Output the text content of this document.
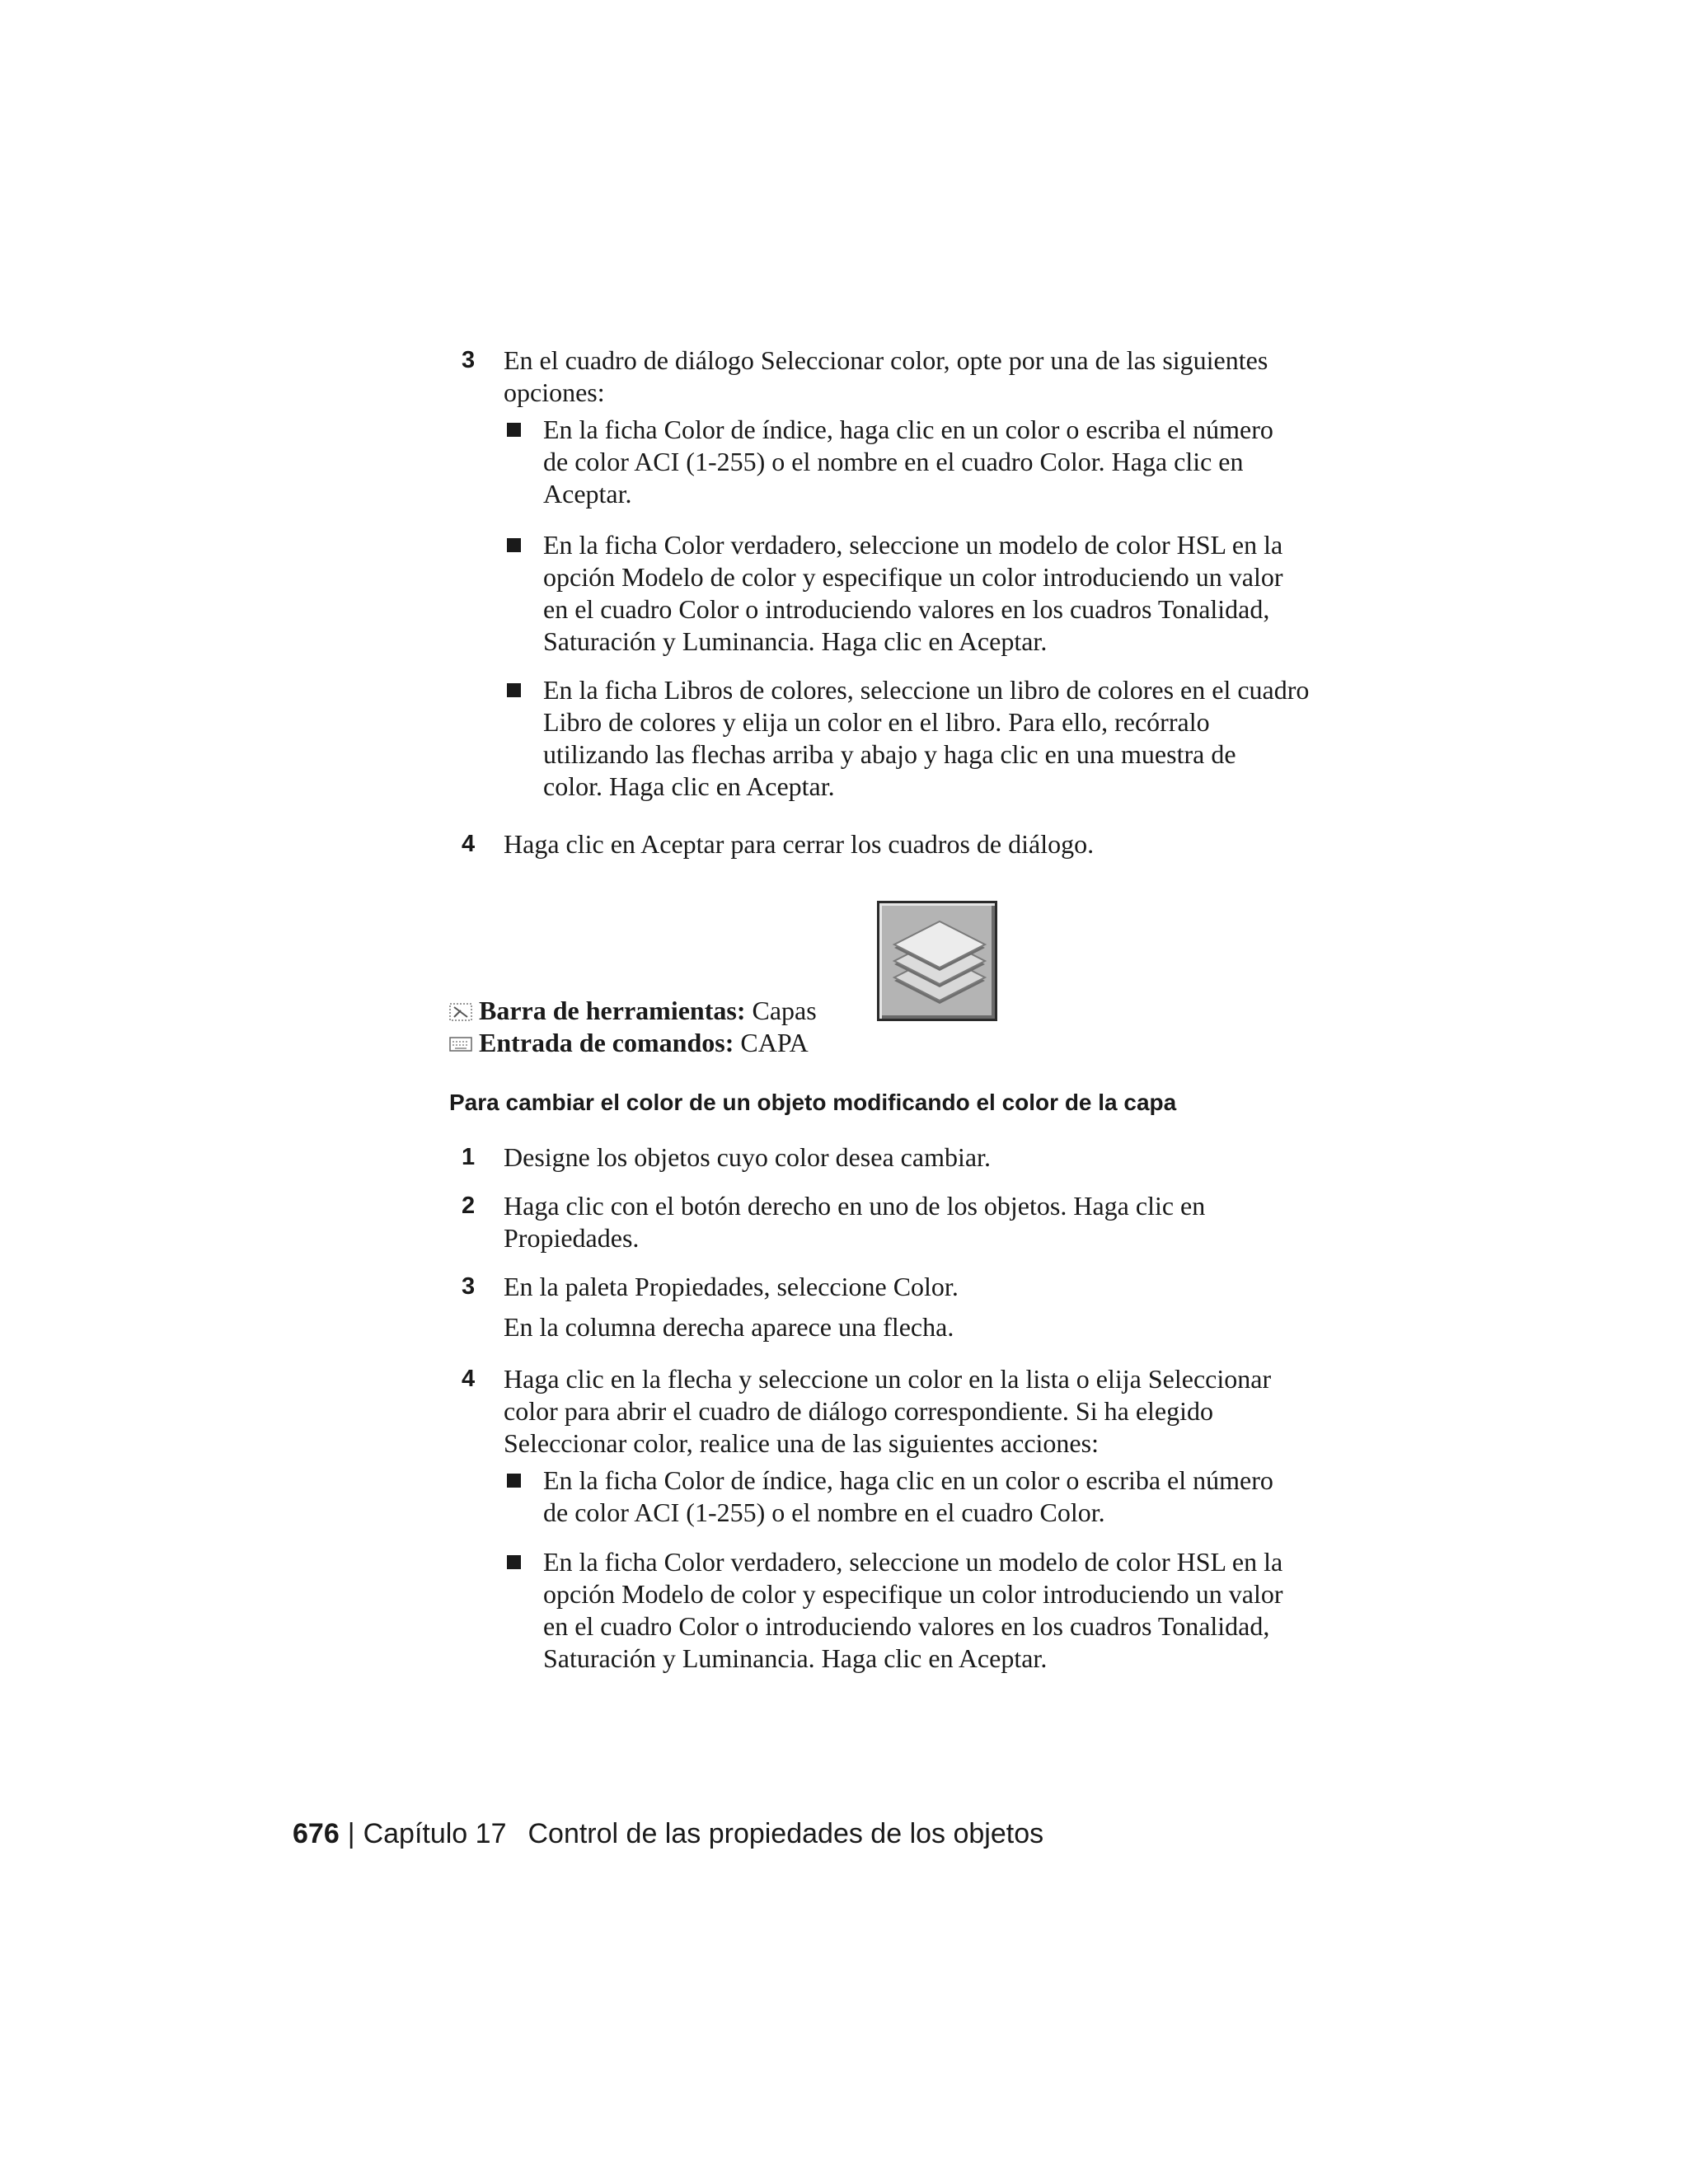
3 En el cuadro de diálogo Seleccionar color, opte por una de las siguientes
opciones:
En la ficha Color de índice, haga clic en un color o escriba el número
de color ACI (1-255) o el nombre en el cuadro Color. Haga clic en
Aceptar.
En la ficha Color verdadero, seleccione un modelo de color HSL en la
opción Modelo de color y especifique un color introduciendo un valor
en el cuadro Color o introduciendo valores en los cuadros Tonalidad,
Saturación y Luminancia. Haga clic en Aceptar.
En la ficha Libros de colores, seleccione un libro de colores en el cuadro
Libro de colores y elija un color en el libro. Para ello, recórralo
utilizando las flechas arriba y abajo y haga clic en una muestra de
color. Haga clic en Aceptar.
4 Haga clic en Aceptar para cerrar los cuadros de diálogo.
Barra de herramientas: Capas
Entrada de comandos: CAPA
Para cambiar el color de un objeto modificando el color de la capa
1 Designe los objetos cuyo color desea cambiar.
2 Haga clic con el botón derecho en uno de los objetos. Haga clic en
Propiedades.
3 En la paleta Propiedades, seleccione Color.
En la columna derecha aparece una flecha.
4 Haga clic en la flecha y seleccione un color en la lista o elija Seleccionar
color para abrir el cuadro de diálogo correspondiente. Si ha elegido
Seleccionar color, realice una de las siguientes acciones:
En la ficha Color de índice, haga clic en un color o escriba el número
de color ACI (1-255) o el nombre en el cuadro Color.
En la ficha Color verdadero, seleccione un modelo de color HSL en la
opción Modelo de color y especifique un color introduciendo un valor
en el cuadro Color o introduciendo valores en los cuadros Tonalidad,
Saturación y Luminancia. Haga clic en Aceptar.
676 | Capítulo 17 Control de las propiedades de los objetos
